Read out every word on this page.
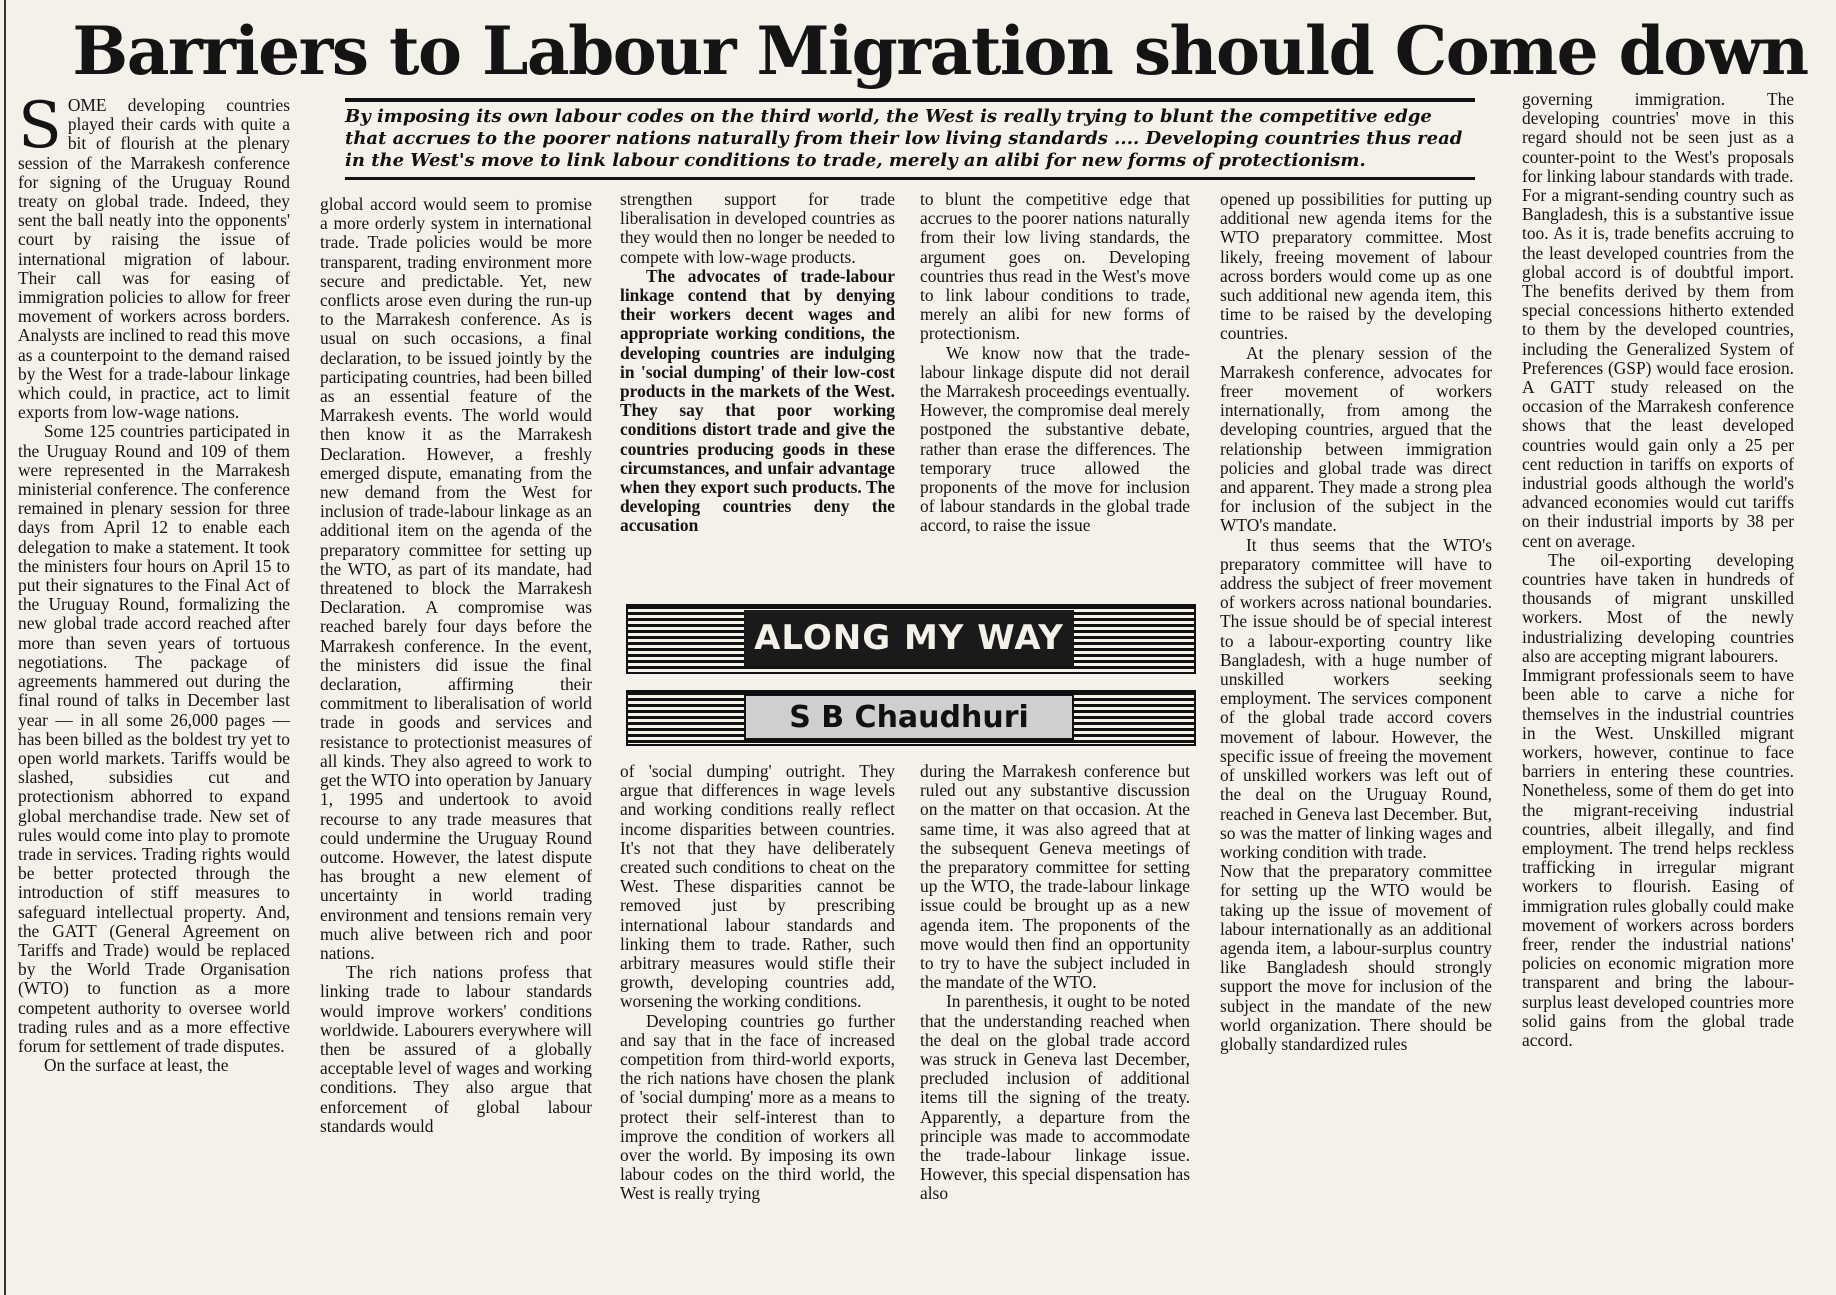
Barriers to Labour Migration should Come down
By imposing its own labour codes on the third world, the West is really trying to blunt the competitive edge that accrues to the poorer nations naturally from their low living standards .... Developing countries thus read in the West's move to link labour conditions to trade, merely an alibi for new forms of protectionism.

SOME developing countries played their cards with quite a bit of flourish at the plenary session of the Marrakesh conference for signing of the Uruguay Round treaty on global trade. Indeed, they sent the ball neatly into the opponents' court by raising the issue of international migration of labour. Their call was for easing of immigration policies to allow for freer movement of workers across borders. Analysts are inclined to read this move as a counterpoint to the demand raised by the West for a trade-labour linkage which could, in practice, act to limit exports from low-wage nations.

Some 125 countries participated in the Uruguay Round and 109 of them were represented in the Marrakesh ministerial conference. The conference remained in plenary session for three days from April 12 to enable each delegation to make a statement. It took the ministers four hours on April 15 to put their signatures to the Final Act of the Uruguay Round, formalizing the new global trade accord reached after more than seven years of tortuous negotiations. The package of agreements hammered out during the final round of talks in December last year — in all some 26,000 pages — has been billed as the boldest try yet to open world markets. Tariffs would be slashed, subsidies cut and protectionism abhorred to expand global merchandise trade. New set of rules would come into play to promote trade in services. Trading rights would be better protected through the introduction of stiff measures to safeguard intellectual property. And, the GATT (General Agreement on Tariffs and Trade) would be replaced by the World Trade Organisation (WTO) to function as a more competent authority to oversee world trading rules and as a more effective forum for settlement of trade disputes.

On the surface at least, the

global accord would seem to promise a more orderly system in international trade. Trade policies would be more transparent, trading environment more secure and predictable. Yet, new conflicts arose even during the run-up to the Marrakesh conference. As is usual on such occasions, a final declaration, to be issued jointly by the participating countries, had been billed as an essential feature of the Marrakesh events. The world would then know it as the Marrakesh Declaration. However, a freshly emerged dispute, emanating from the new demand from the West for inclusion of trade-labour linkage as an additional item on the agenda of the preparatory committee for setting up the WTO, as part of its mandate, had threatened to block the Marrakesh Declaration. A compromise was reached barely four days before the Marrakesh conference. In the event, the ministers did issue the final declaration, affirming their commitment to liberalisation of world trade in goods and services and resistance to protectionist measures of all kinds. They also agreed to work to get the WTO into operation by January 1, 1995 and undertook to avoid recourse to any trade measures that could undermine the Uruguay Round outcome. However, the latest dispute has brought a new element of uncertainty in world trading environment and tensions remain very much alive between rich and poor nations.

The rich nations profess that linking trade to labour standards would improve workers' conditions worldwide. Labourers everywhere will then be assured of a globally acceptable level of wages and working conditions. They also argue that enforcement of global labour standards would

strengthen support for trade liberalisation in developed countries as they would then no longer be needed to compete with low-wage products.

The advocates of trade-labour linkage contend that by denying their workers decent wages and appropriate working conditions, the developing countries are indulging in 'social dumping' of their low-cost products in the markets of the West. They say that poor working conditions distort trade and give the countries producing goods in these circumstances, and unfair advantage when they export such products. The developing countries deny the accusation

to blunt the competitive edge that accrues to the poorer nations naturally from their low living standards, the argument goes on. Developing countries thus read in the West's move to link labour conditions to trade, merely an alibi for new forms of protectionism.

We know now that the trade-labour linkage dispute did not derail the Marrakesh proceedings eventually. However, the compromise deal merely postponed the substantive debate, rather than erase the differences. The temporary truce allowed the proponents of the move for inclusion of labour standards in the global trade accord, to raise the issue

ALONG MY WAY
S B Chaudhuri

of 'social dumping' outright. They argue that differences in wage levels and working conditions really reflect income disparities between countries. It's not that they have deliberately created such conditions to cheat on the West. These disparities cannot be removed just by prescribing international labour standards and linking them to trade. Rather, such arbitrary measures would stifle their growth, developing countries add, worsening the working conditions.

Developing countries go further and say that in the face of increased competition from third-world exports, the rich nations have chosen the plank of 'social dumping' more as a means to protect their self-interest than to improve the condition of workers all over the world. By imposing its own labour codes on the third world, the West is really trying

during the Marrakesh conference but ruled out any substantive discussion on the matter on that occasion. At the same time, it was also agreed that at the subsequent Geneva meetings of the preparatory committee for setting up the WTO, the trade-labour linkage issue could be brought up as a new agenda item. The proponents of the move would then find an opportunity to try to have the subject included in the mandate of the WTO.

In parenthesis, it ought to be noted that the understanding reached when the deal on the global trade accord was struck in Geneva last December, precluded inclusion of additional items till the signing of the treaty. Apparently, a departure from the principle was made to accommodate the trade-labour linkage issue. However, this special dispensation has also

opened up possibilities for putting up additional new agenda items for the WTO preparatory committee. Most likely, freeing movement of labour across borders would come up as one such additional new agenda item, this time to be raised by the developing countries.

At the plenary session of the Marrakesh conference, advocates for freer movement of workers internationally, from among the developing countries, argued that the relationship between immigration policies and global trade was direct and apparent. They made a strong plea for inclusion of the subject in the WTO's mandate.

It thus seems that the WTO's preparatory committee will have to address the subject of freer movement of workers across national boundaries. The issue should be of special interest to a labour-exporting country like Bangladesh, with a huge number of unskilled workers seeking employment. The services component of the global trade accord covers movement of labour. However, the specific issue of freeing the movement of unskilled workers was left out of the deal on the Uruguay Round, reached in Geneva last December. But, so was the matter of linking wages and working condition with trade.

Now that the preparatory committee for setting up the WTO would be taking up the issue of movement of labour internationally as an additional agenda item, a labour-surplus country like Bangladesh should strongly support the move for inclusion of the subject in the mandate of the new world organization. There should be globally standardized rules

governing immigration. The developing countries' move in this regard should not be seen just as a counter-point to the West's proposals for linking labour standards with trade.

For a migrant-sending country such as Bangladesh, this is a substantive issue too. As it is, trade benefits accruing to the least developed countries from the global accord is of doubtful import. The benefits derived by them from special concessions hitherto extended to them by the developed countries, including the Generalized System of Preferences (GSP) would face erosion. A GATT study released on the occasion of the Marrakesh conference shows that the least developed countries would gain only a 25 per cent reduction in tariffs on exports of industrial goods although the world's advanced economies would cut tariffs on their industrial imports by 38 per cent on average.

The oil-exporting developing countries have taken in hundreds of thousands of migrant unskilled workers. Most of the newly industrializing developing countries also are accepting migrant labourers.

Immigrant professionals seem to have been able to carve a niche for themselves in the industrial countries in the West. Unskilled migrant workers, however, continue to face barriers in entering these countries. Nonetheless, some of them do get into the migrant-receiving industrial countries, albeit illegally, and find employment. The trend helps reckless trafficking in irregular migrant workers to flourish. Easing of immigration rules globally could make movement of workers across borders freer, render the industrial nations' policies on economic migration more transparent and bring the labour-surplus least developed countries more solid gains from the global trade accord.
